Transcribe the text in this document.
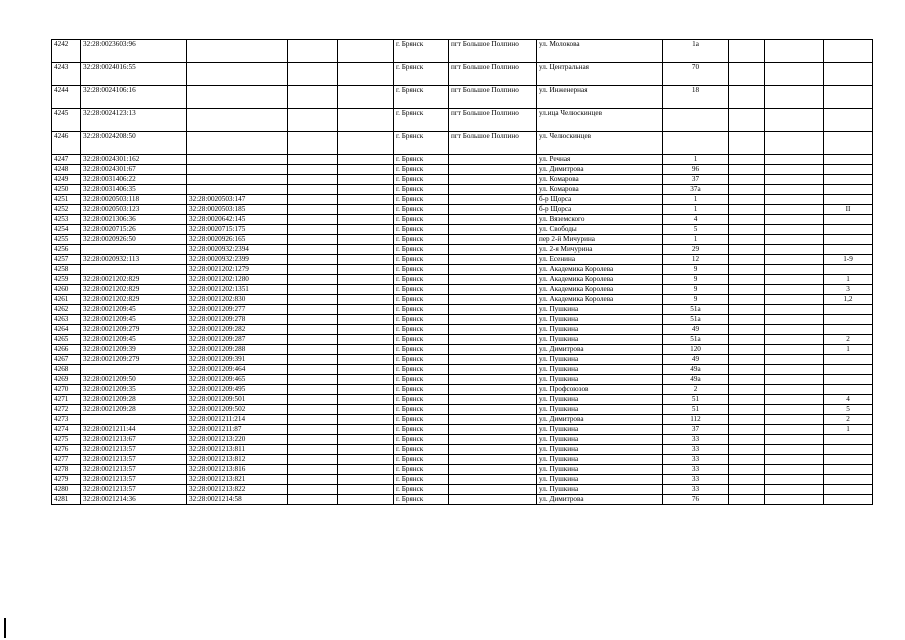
4242	32:28:0023603:96				г. Брянск	пгт Большое Полпино	ул. Молокова	1а			
4243	32:28:0024016:55				г. Брянск	пгт Большое Полпино	ул. Центральная	70			
4244	32:28:0024106:16				г. Брянск	пгт Большое Полпино	ул. Инженерная	18			
4245	32:28:0024123:13				г. Брянск	пгт Большое Полпино	ул.ица Челюскинцев				
4246	32:28:0024208:50				г. Брянск	пгт Большое Полпино	ул. Челюскинцев				
4247	32:28:0024301:162				г. Брянск		ул. Речная	1			
4248	32:28:0024301:67				г. Брянск		ул. Димитрова	96			
4249	32:28:0031406:22				г. Брянск		ул. Комарова	37			
4250	32:28:0031406:35				г. Брянск		ул. Комарова	37а			
4251	32:28:0020503:118	32:28:0020503:147			г. Брянск		б-р Щорса	1			
4252	32:28:0020503:123	32:28:0020503:185			г. Брянск		б-р Щорса	1			II
4253	32:28:0021306:36	32:28:0020642:145			г. Брянск		ул. Вяземского	4			
4254	32:28:0020715:26	32:28:0020715:175			г. Брянск		ул. Свободы	5			
4255	32:28:0020926:50	32:28:0020926:165			г. Брянск		пер 2-й Мичурина	1			
4256		32:28:0020932:2394			г. Брянск		ул. 2-я Мичурина	29			
4257	32:28:0020932:113	32:28:0020932:2399			г. Брянск		ул. Есенина	12			1-9
4258		32:28:0021202:1279			г. Брянск		ул. Академика Королева	9			
4259	32:28:0021202:829	32:28:0021202:1280			г. Брянск		ул. Академика Королева	9			1
4260	32:28:0021202:829	32:28:0021202:1351			г. Брянск		ул. Академика Королева	9			3
4261	32:28:0021202:829	32:28:0021202:830			г. Брянск		ул. Академика Королева	9			1,2
4262	32:28:0021209:45	32:28:0021209:277			г. Брянск		ул. Пушкина	51а			
4263	32:28:0021209:45	32:28:0021209:278			г. Брянск		ул. Пушкина	51а			
4264	32:28:0021209:279	32:28:0021209:282			г. Брянск		ул. Пушкина	49			
4265	32:28:0021209:45	32:28:0021209:287			г. Брянск		ул. Пушкина	51а			2
4266	32:28:0021209:39	32:28:0021209:288			г. Брянск		ул. Димитрова	120			1
4267	32:28:0021209:279	32:28:0021209:391			г. Брянск		ул. Пушкина	49			
4268		32:28:0021209:464			г. Брянск		ул. Пушкина	49а			
4269	32:28:0021209:50	32:28:0021209:465			г. Брянск		ул. Пушкина	49а			
4270	32:28:0021209:35	32:28:0021209:495			г. Брянск		ул. Профсоюзов	2			
4271	32:28:0021209:28	32:28:0021209:501			г. Брянск		ул. Пушкина	51			4
4272	32:28:0021209:28	32:28:0021209:502			г. Брянск		ул. Пушкина	51			5
4273		32:28:0021211:214			г. Брянск		ул. Димитрова	112			2
4274	32:28:0021211:44	32:28:0021211:87			г. Брянск		ул. Пушкина	37			1
4275	32:28:0021213:67	32:28:0021213:220			г. Брянск		ул. Пушкина	33			
4276	32:28:0021213:57	32:28:0021213:811			г. Брянск		ул. Пушкина	33			
4277	32:28:0021213:57	32:28:0021213:812			г. Брянск		ул. Пушкина	33			
4278	32:28:0021213:57	32:28:0021213:816			г. Брянск		ул. Пушкина	33			
4279	32:28:0021213:57	32:28:0021213:821			г. Брянск		ул. Пушкина	33			
4280	32:28:0021213:57	32:28:0021213:822			г. Брянск		ул. Пушкина	33			
4281	32:28:0021214:36	32:28:0021214:58			г. Брянск		ул. Димитрова	76			
